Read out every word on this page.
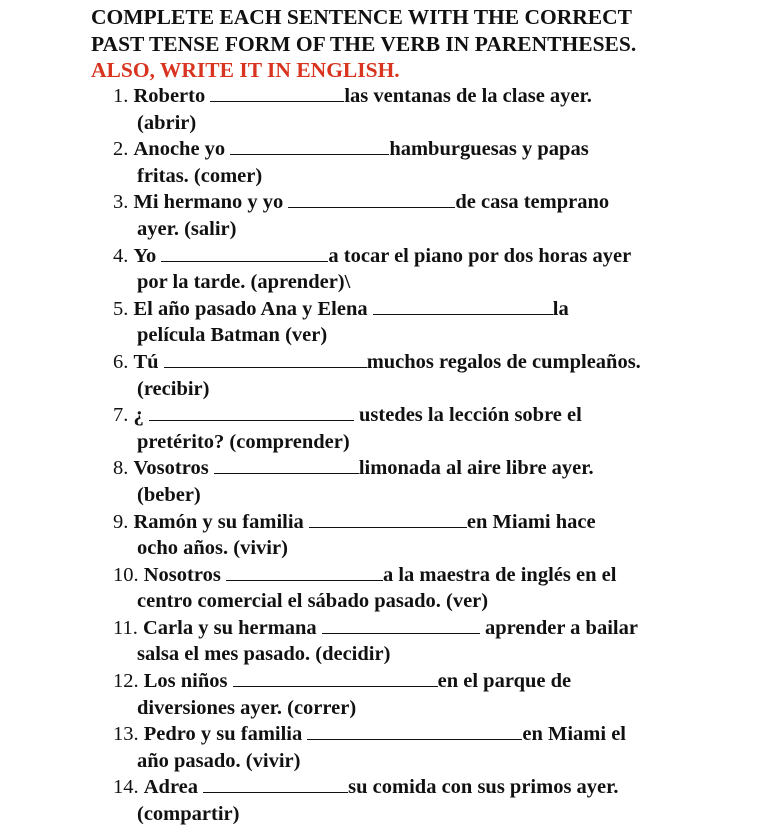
COMPLETE EACH SENTENCE WITH THE CORRECT
PAST TENSE FORM OF THE VERB IN PARENTHESES.
ALSO, WRITE IT IN ENGLISH.
1. Roberto	las ventanas de la clase ayer.
(abrir)
2. Anoche yo	hamburguesas y papas
fritas. (comer)
3. Mi hermano y yo	de casa temprano
ayer. (salir)
4. Yo	a tocar el piano por dos horas ayer
por la tarde. (aprender)\
5. El año pasado Ana y Elena	la
película Batman (ver)
6. Tú	muchos regalos de cumpleaños.
(recibir)
7. ¿	ustedes la lección sobre el
pretérito? (comprender)
8. Vosotros	limonada al aire libre ayer.
(beber)
9. Ramón y su familia	en Miami hace
ocho años. (vivir)
10. Nosotros	a la maestra de inglés en el
centro comercial el sábado pasado. (ver)
11. Carla y su hermana	aprender a bailar
salsa el mes pasado. (decidir)
12. Los niños	en el parque de
diversiones ayer. (correr)
13. Pedro y su familia	en Miami el
año pasado. (vivir)
14. Adrea	su comida con sus primos ayer.
(compartir)
